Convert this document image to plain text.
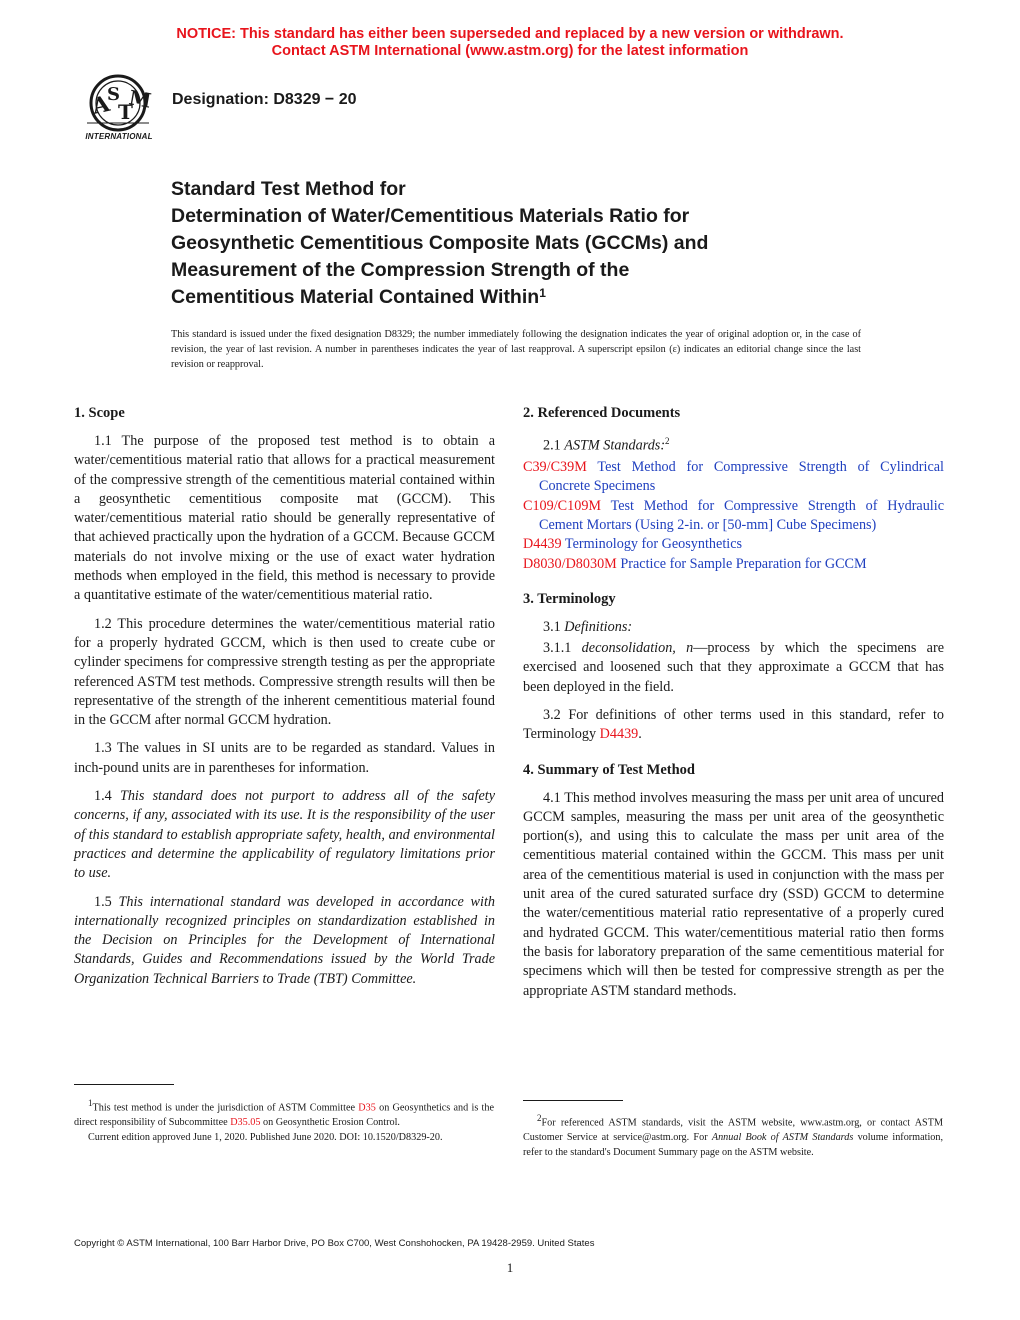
NOTICE: This standard has either been superseded and replaced by a new version or withdrawn.
Contact ASTM International (www.astm.org) for the latest information
A
S
T
M
INTERNATIONAL
Designation: D8329 − 20
Standard Test Method for
Determination of Water/Cementitious Materials Ratio for
Geosynthetic Cementitious Composite Mats (GCCMs) and
Measurement of the Compression Strength of the
Cementitious Material Contained Within$^1$
This standard is issued under the fixed designation D8329; the number immediately following the designation indicates the year of original adoption or, in the case of revision, the year of last revision. A number in parentheses indicates the year of last reapproval. A superscript epsilon (ε) indicates an editorial change since the last revision or reapproval.
1. Scope

1.1 The purpose of the proposed test method is to obtain a water/cementitious material ratio that allows for a practical measurement of the compressive strength of the cementitious material contained within a geosynthetic cementitious composite mat (GCCM). This water/cementitious material ratio should be generally representative of that achieved practically upon the hydration of a GCCM. Because GCCM materials do not involve mixing or the use of exact water hydration methods when employed in the field, this method is necessary to provide a quantitative estimate of the water/cementitious material ratio.

1.2 This procedure determines the water/cementitious material ratio for a properly hydrated GCCM, which is then used to create cube or cylinder specimens for compressive strength testing as per the appropriate referenced ASTM test methods. Compressive strength results will then be representative of the strength of the inherent cementitious material found in the GCCM after normal GCCM hydration.

1.3 The values in SI units are to be regarded as standard. Values in inch-pound units are in parentheses for information.

1.4 This standard does not purport to address all of the safety concerns, if any, associated with its use. It is the responsibility of the user of this standard to establish appropriate safety, health, and environmental practices and determine the applicability of regulatory limitations prior to use.

1.5 This international standard was developed in accordance with internationally recognized principles on standardization established in the Decision on Principles for the Development of International Standards, Guides and Recommendations issued by the World Trade Organization Technical Barriers to Trade (TBT) Committee.

2. Referenced Documents

2.1 ASTM Standards:$^2$

C39/C39M Test Method for Compressive Strength of Cylindrical Concrete Specimens
C109/C109M Test Method for Compressive Strength of Hydraulic Cement Mortars (Using 2-in. or [50-mm] Cube Specimens)
D4439 Terminology for Geosynthetics
D8030/D8030M Practice for Sample Preparation for GCCM
3. Terminology

3.1 Definitions:

3.1.1 deconsolidation, n—process by which the specimens are exercised and loosened such that they approximate a GCCM that has been deployed in the field.

3.2 For definitions of other terms used in this standard, refer to Terminology D4439.

4. Summary of Test Method

4.1 This method involves measuring the mass per unit area of uncured GCCM samples, measuring the mass per unit area of the geosynthetic portion(s), and using this to calculate the mass per unit area of the cementitious material contained within the GCCM. This mass per unit area of the cementitious material is used in conjunction with the mass per unit area of the cured saturated surface dry (SSD) GCCM to determine the water/cementitious material ratio representative of a properly cured and hydrated GCCM. This water/cementitious material ratio then forms the basis for laboratory preparation of the same cementitious material for specimens which will then be tested for compressive strength as per the appropriate ASTM standard methods.

$^1$This test method is under the jurisdiction of ASTM Committee D35 on Geosynthetics and is the direct responsibility of Subcommittee D35.05 on Geosynthetic Erosion Control.

Current edition approved June 1, 2020. Published June 2020. DOI: 10.1520/D8329-20.

$^2$For referenced ASTM standards, visit the ASTM website, www.astm.org, or contact ASTM Customer Service at service@astm.org. For Annual Book of ASTM Standards volume information, refer to the standard's Document Summary page on the ASTM website.

Copyright © ASTM International, 100 Barr Harbor Drive, PO Box C700, West Conshohocken, PA 19428-2959. United States
1
